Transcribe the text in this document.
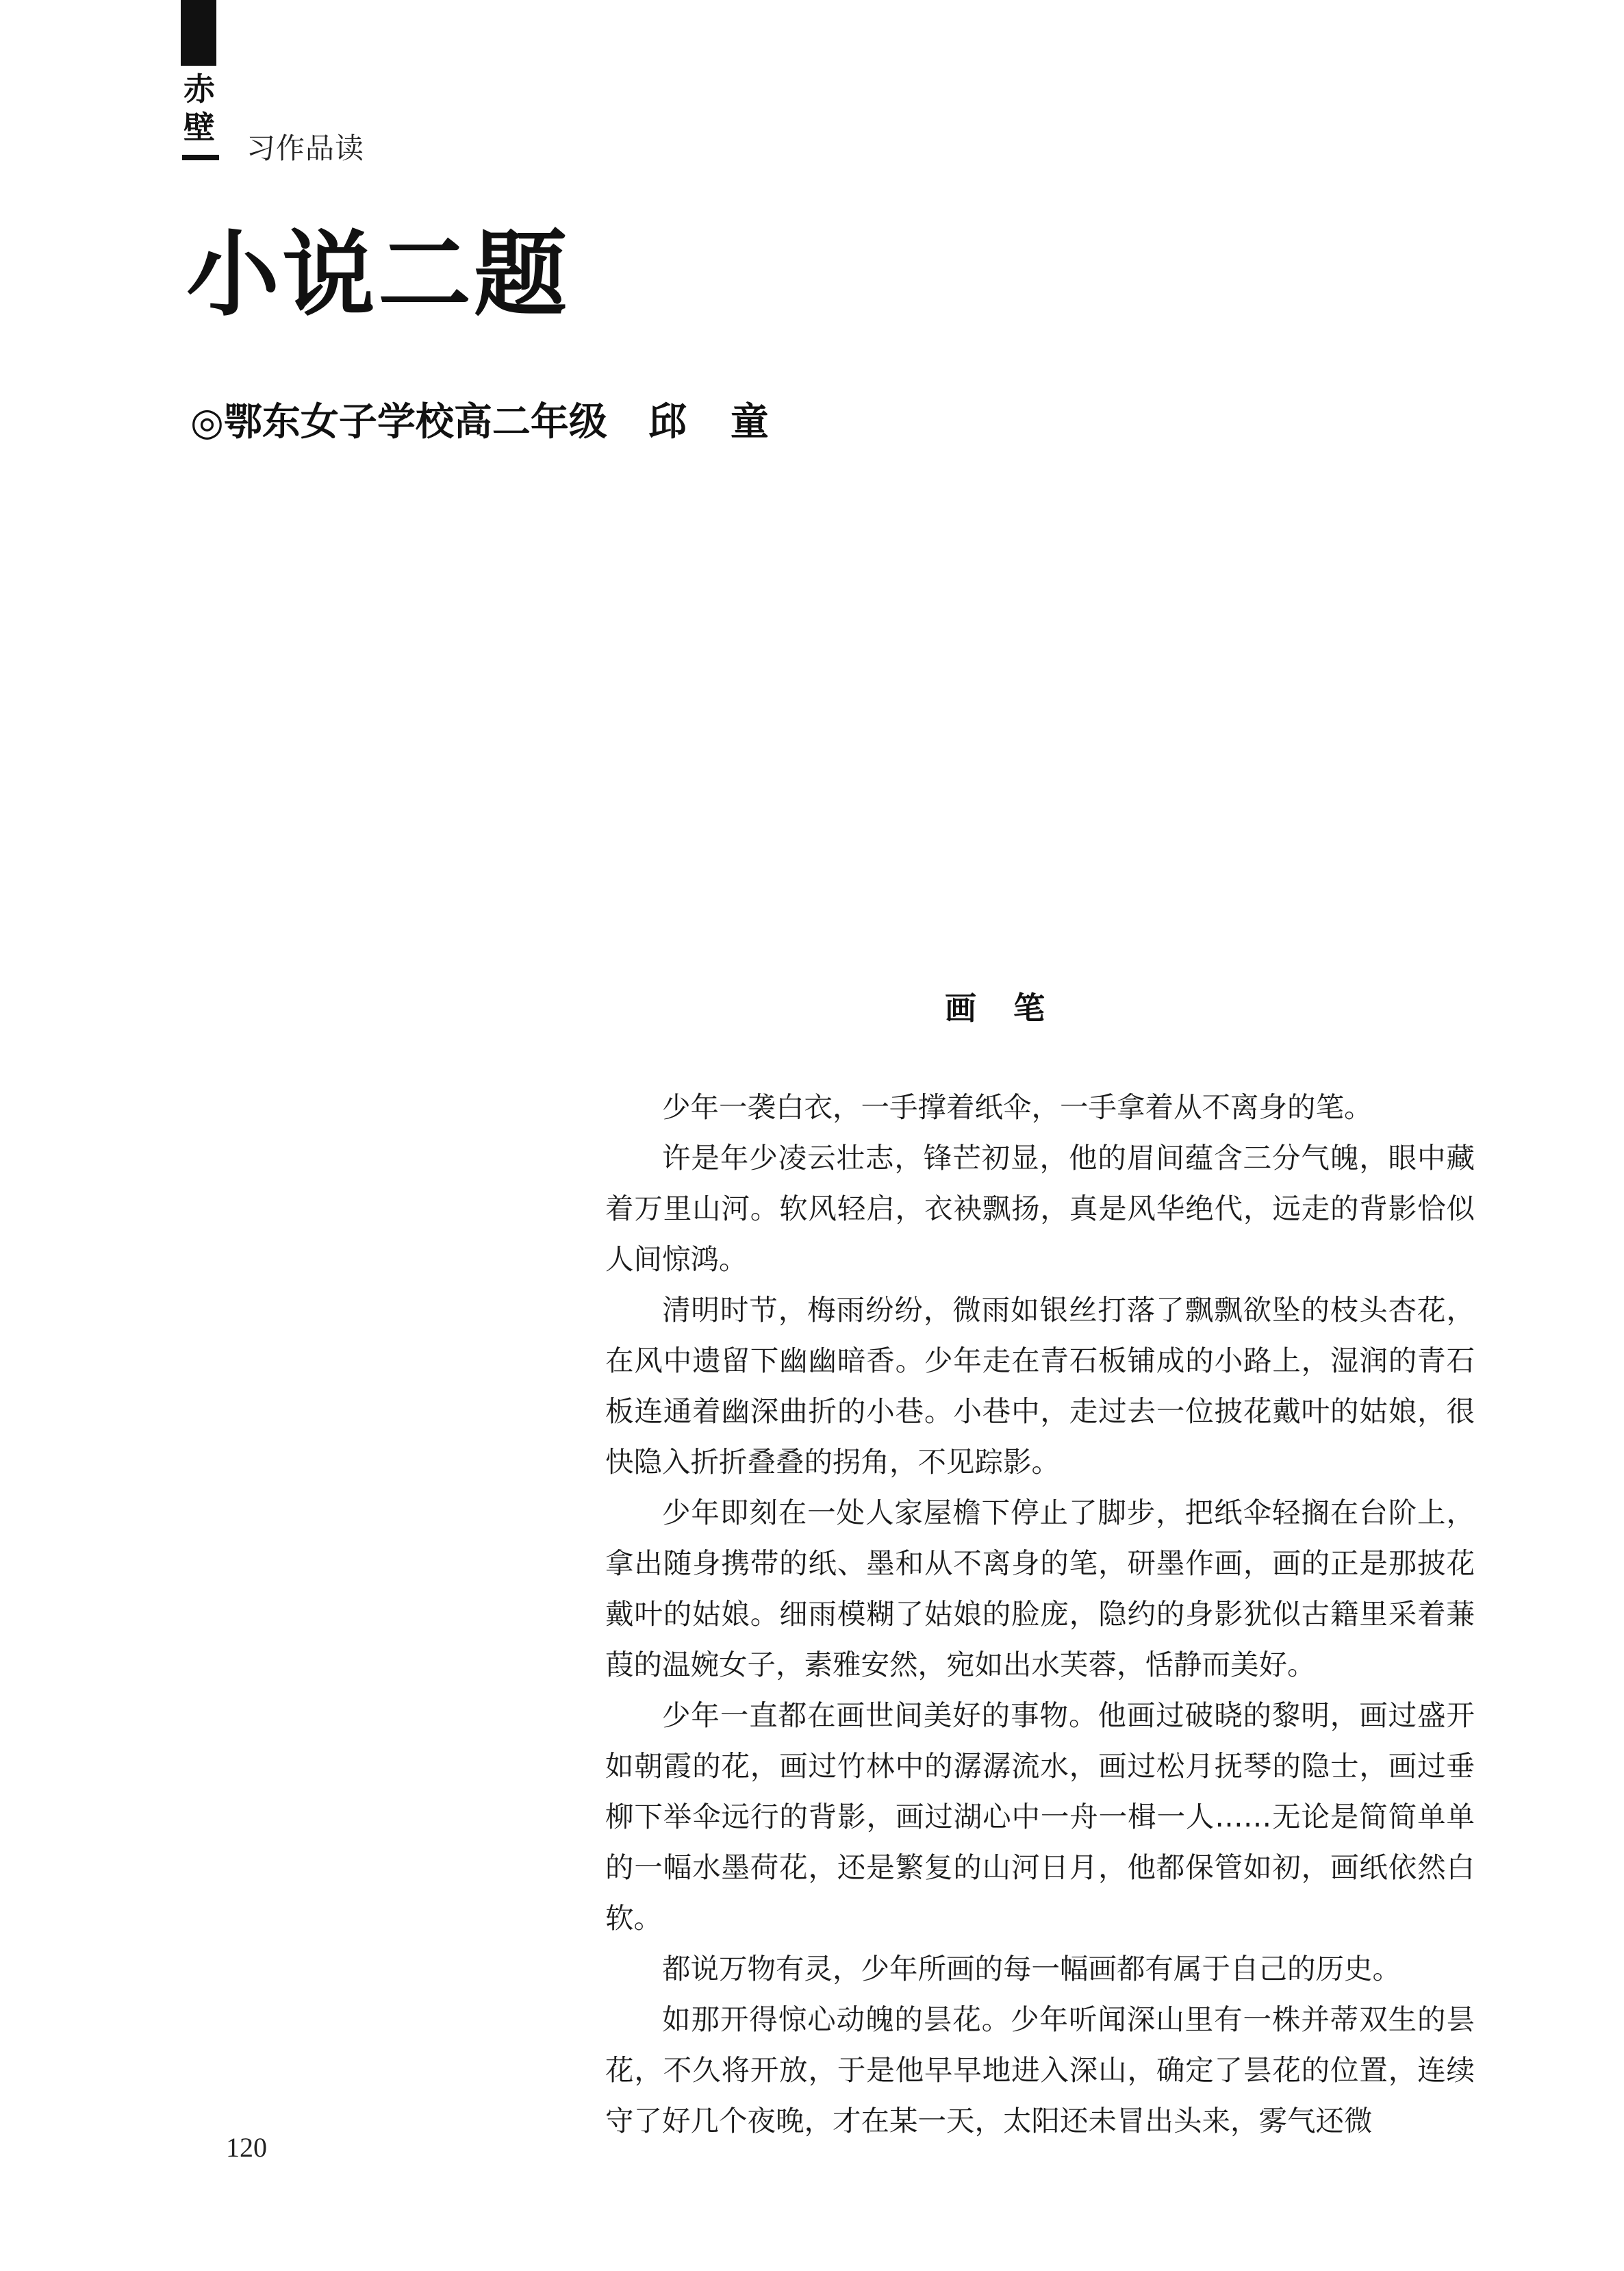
赤
壁
习作品读
小说二题
◎鄂东女子学校高二年级 邱 童
画 笔

少年一袭白衣，一手撑着纸伞，一手拿着从不离身的笔。

许是年少凌云壮志，锋芒初显，他的眉间蕴含三分气魄，眼中藏着万里山河。软风轻启，衣袂飘扬，真是风华绝代，远走的背影恰似人间惊鸿。

清明时节，梅雨纷纷，微雨如银丝打落了飘飘欲坠的枝头杏花，在风中遗留下幽幽暗香。少年走在青石板铺成的小路上，湿润的青石板连通着幽深曲折的小巷。小巷中，走过去一位披花戴叶的姑娘，很快隐入折折叠叠的拐角，不见踪影。

少年即刻在一处人家屋檐下停止了脚步，把纸伞轻搁在台阶上，拿出随身携带的纸、墨和从不离身的笔，研墨作画，画的正是那披花戴叶的姑娘。细雨模糊了姑娘的脸庞，隐约的身影犹似古籍里采着蒹葭的温婉女子，素雅安然，宛如出水芙蓉，恬静而美好。

少年一直都在画世间美好的事物。他画过破晓的黎明，画过盛开如朝霞的花，画过竹林中的潺潺流水，画过松月抚琴的隐士，画过垂柳下举伞远行的背影，画过湖心中一舟一楫一人……无论是简简单单的一幅水墨荷花，还是繁复的山河日月，他都保管如初，画纸依然白软。

都说万物有灵，少年所画的每一幅画都有属于自己的历史。

如那开得惊心动魄的昙花。少年听闻深山里有一株并蒂双生的昙花，不久将开放，于是他早早地进入深山，确定了昙花的位置，连续守了好几个夜晚，才在某一天，太阳还未冒出头来，雾气还微

120
